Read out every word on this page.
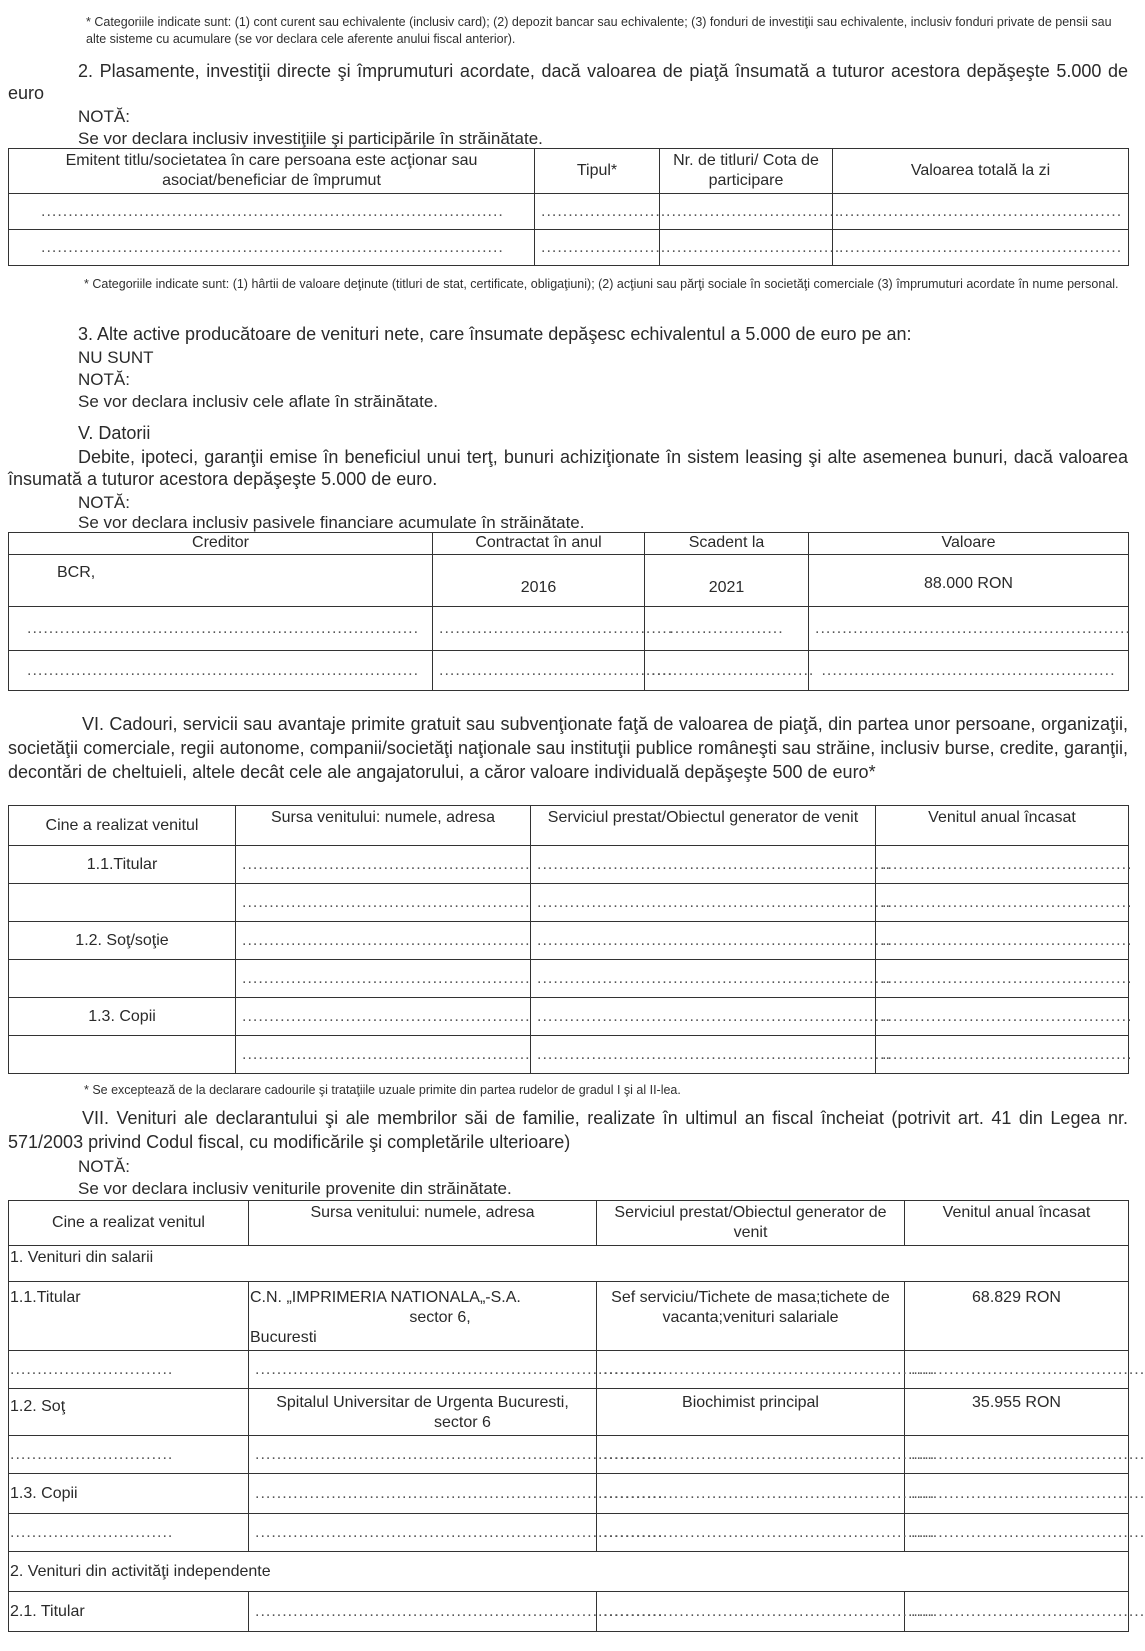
* Categoriile indicate sunt: (1) cont curent sau echivalente (inclusiv card); (2) depozit bancar sau echivalente; (3) fonduri de investiţii sau echivalente, inclusiv fonduri private de pensii sau alte sisteme cu acumulare (se vor declara cele aferente anului fiscal anterior).
2. Plasamente, investiţii directe şi împrumuturi acordate, dacă valoarea de piaţă însumată a tuturor acestora depăşeşte 5.000 de euro
NOTĂ:
Se vor declara inclusiv investiţiile şi participările în străinătate.
Emitent titlu/societatea în care persoana este acţionar sau asociat/beneficiar de împrumut	Tipul*	Nr. de titluri/ Cota de participare	Valoarea totală la zi

.....................................................................................	.......................	................................	....................................................

.....................................................................................	.......................	................................	....................................................
* Categoriile indicate sunt: (1) hârtii de valoare deţinute (titluri de stat, certificate, obligaţiuni); (2) acţiuni sau părţi sociale în societăţi comerciale (3) împrumuturi acordate în nume personal.
3. Alte active producătoare de venituri nete, care însumate depăşesc echivalentul a 5.000 de euro pe an:
NU SUNT
NOTĂ:
Se vor declara inclusiv cele aflate în străinătate.
V. Datorii
Debite, ipoteci, garanţii emise în beneficiul unui terţ, bunuri achiziţionate în sistem leasing şi alte asemenea bunuri, dacă valoarea însumată a tuturor acestora depăşeşte 5.000 de euro.
NOTĂ:
Se vor declara inclusiv pasivele financiare acumulate în străinătate.
Creditor	Contractat în anul	Scadent la	Valoare
BCR,	2016	2021	88.000 RON

........................................................................	...........................................	.....................	..........................................................

........................................................................	...........................................	..............................	......................................................
VI. Cadouri, servicii sau avantaje primite gratuit sau subvenţionate faţă de valoarea de piaţă, din partea unor persoane, organizaţii, societăţii comerciale, regii autonome, companii/societăţi naţionale sau instituţii publice româneşti sau străine, inclusiv burse, credite, garanţii, decontări de cheltuieli, altele decât cele ale angajatorului, a căror valoare individuală depăşeşte 500 de euro*
Cine a realizat venitul	Sursa venitului: numele, adresa	Serviciul prestat/Obiectul generator de venit	Venitul anual încasat
1.1.Titular	.....................................................	.................................................................	..............................................

	.....................................................	.................................................................	..............................................

1.2. Soţ/soţie	.....................................................	.................................................................	..............................................

	.....................................................	.................................................................	..............................................

1.3. Copii	.....................................................	.................................................................	..............................................

	.....................................................	.................................................................	..............................................
* Se exceptează de la declarare cadourile şi trataţiile uzuale primite din partea rudelor de gradul I şi al II-lea.
VII. Venituri ale declarantului şi ale membrilor săi de familie, realizate în ultimul an fiscal încheiat (potrivit art. 41 din Legea nr. 571/2003 privind Codul fiscal, cu modificările şi completările ulterioare)
NOTĂ:
Se vor declara inclusiv veniturile provenite din străinătate.
Cine a realizat venitul	Sursa venitului: numele, adresa	Serviciul prestat/Obiectul generator de venit	Venitul anual încasat
1. Venituri din salarii			
1.1.Titular	C.N. „IMPRIMERIA NATIONALA„-S.A.
sector 6,
Bucuresti	Sef serviciu/Tichete de masa;tichete de vacanta;venituri salariale	68.829 RON

..............................	...........................................................................	.............................................................	...........................................

1.2. Soţ	Spitalul Universitar de Urgenta Bucuresti,
sector 6	Biochimist principal	35.955 RON

..............................	...........................................................................	.............................................................	...........................................

1.3. Copii	...........................................................................	.............................................................	...........................................

..............................	...........................................................................	.............................................................	...........................................

2. Venituri din activităţi independente			
2.1. Titular	...........................................................................	.............................................................	...........................................
